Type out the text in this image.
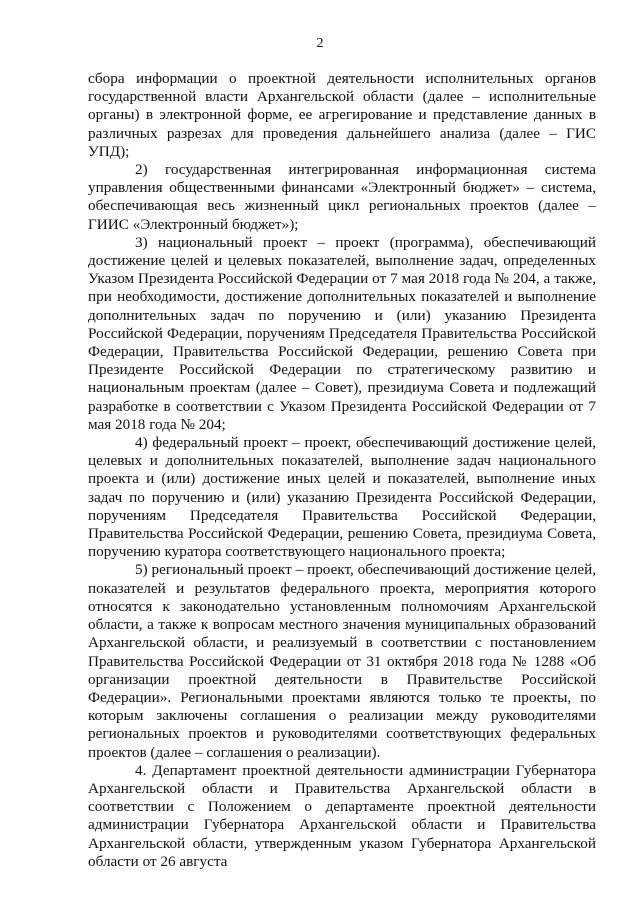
2

сбора информации о проектной деятельности исполнительных органов государственной власти Архангельской области (далее – исполнительные органы) в электронной форме, ее агрегирование и представление данных в различных разрезах для проведения дальнейшего анализа (далее – ГИС УПД);

2) государственная интегрированная информационная система управления общественными финансами «Электронный бюджет» – система, обеспечивающая весь жизненный цикл региональных проектов (далее – ГИИС «Электронный бюджет»);

3) национальный проект – проект (программа), обеспечивающий достижение целей и целевых показателей, выполнение задач, определенных Указом Президента Российской Федерации от 7 мая 2018 года № 204, а также, при необходимости, достижение дополнительных показателей и выполнение дополнительных задач по поручению и (или) указанию Президента Российской Федерации, поручениям Председателя Правительства Российской Федерации, Правительства Российской Федерации, решению Совета при Президенте Российской Федерации по стратегическому развитию и национальным проектам (далее – Совет), президиума Совета и подлежащий разработке в соответствии с Указом Президента Российской Федерации от 7 мая 2018 года № 204;

4) федеральный проект – проект, обеспечивающий достижение целей, целевых и дополнительных показателей, выполнение задач национального проекта и (или) достижение иных целей и показателей, выполнение иных задач по поручению и (или) указанию Президента Российской Федерации, поручениям Председателя Правительства Российской Федерации, Правительства Российской Федерации, решению Совета, президиума Совета, поручению куратора соответствующего национального проекта;

5) региональный проект – проект, обеспечивающий достижение целей, показателей и результатов федерального проекта, мероприятия которого относятся к законодательно установленным полномочиям Архангельской области, а также к вопросам местного значения муниципальных образований Архангельской области, и реализуемый в соответствии с постановлением Правительства Российской Федерации от 31 октября 2018 года № 1288 «Об организации проектной деятельности в Правительстве Российской Федерации». Региональными проектами являются только те проекты, по которым заключены соглашения о реализации между руководителями региональных проектов и руководителями соответствующих федеральных проектов (далее – соглашения о реализации).

4. Департамент проектной деятельности администрации Губернатора Архангельской области и Правительства Архангельской области в соответствии с Положением о департаменте проектной деятельности администрации Губернатора Архангельской области и Правительства Архангельской области, утвержденным указом Губернатора Архангельской области от 26 августа
